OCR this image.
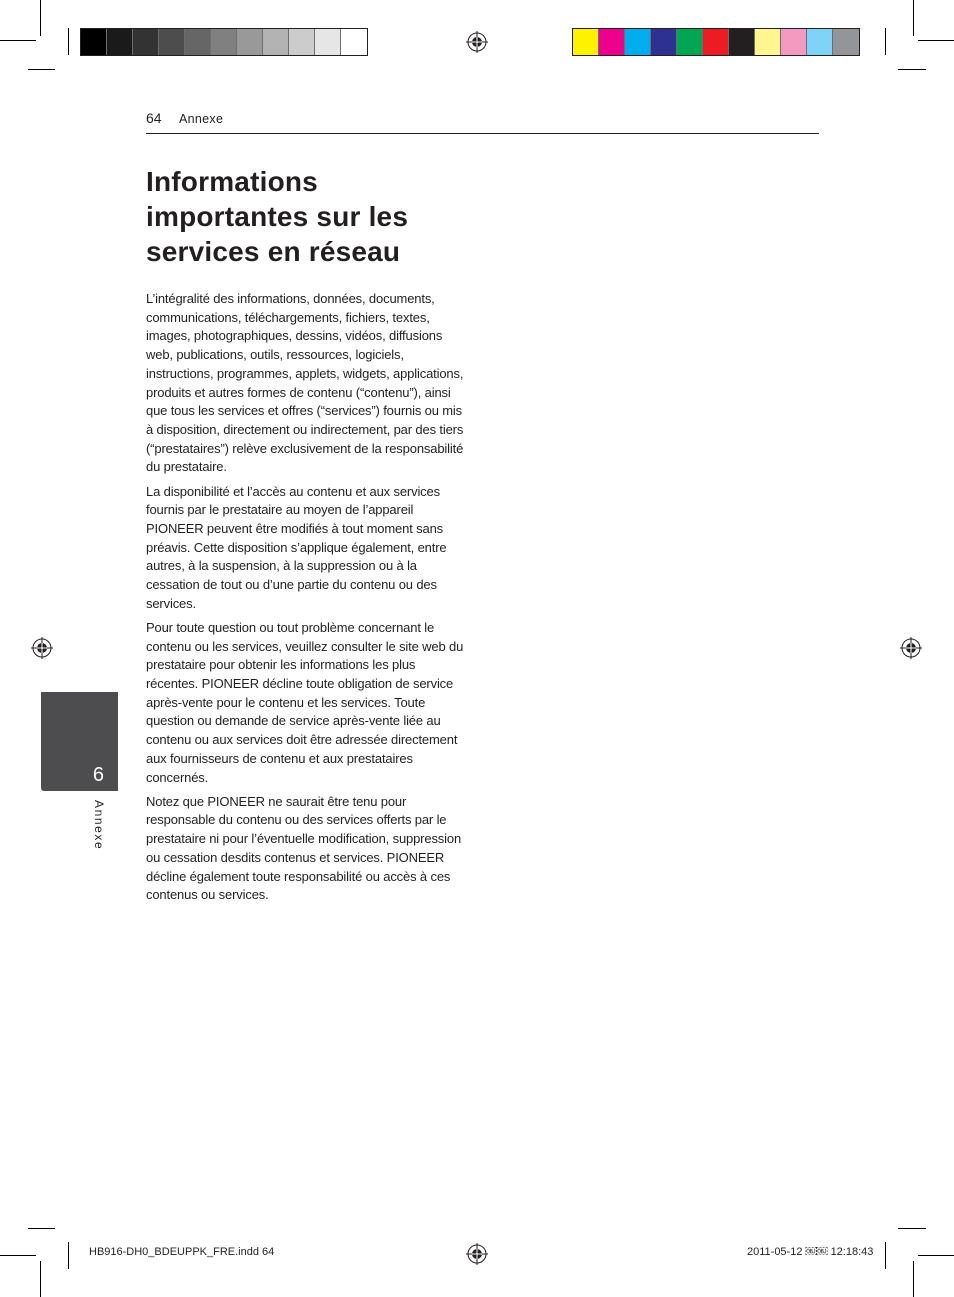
64 Annexe
Informations importantes sur les services en réseau

L’intégralité des informations, données, documents, communications, téléchargements, fichiers, textes, images, photographiques, dessins, vidéos, diffusions web, publications, outils, ressources, logiciels, instructions, programmes, applets, widgets, applications, produits et autres formes de contenu (“contenu”), ainsi que tous les services et offres (“services”) fournis ou mis à disposition, directement ou indirectement, par des tiers (“prestataires”) relève exclusivement de la responsabilité du prestataire.

La disponibilité et l’accès au contenu et aux services fournis par le prestataire au moyen de l’appareil PIONEER peuvent être modifiés à tout moment sans préavis. Cette disposition s’applique également, entre autres, à la suspension, à la suppression ou à la cessation de tout ou d’une partie du contenu ou des services.

Pour toute question ou tout problème concernant le contenu ou les services, veuillez consulter le site web du prestataire pour obtenir les informations les plus récentes. PIONEER décline toute obligation de service après-vente pour le contenu et les services. Toute question ou demande de service après-vente liée au contenu ou aux services doit être adressée directement aux fournisseurs de contenu et aux prestataires concernés.

Notez que PIONEER ne saurait être tenu pour responsable du contenu ou des services offerts par le prestataire ni pour l’éventuelle modification, suppression ou cessation desdits contenus et services. PIONEER décline également toute responsabilité ou accès à ces contenus ou services.

6
Annexe
HB916-DH0_BDEUPPK_FRE.indd 64	2011-05-12 ￼￼ 12:18:43
